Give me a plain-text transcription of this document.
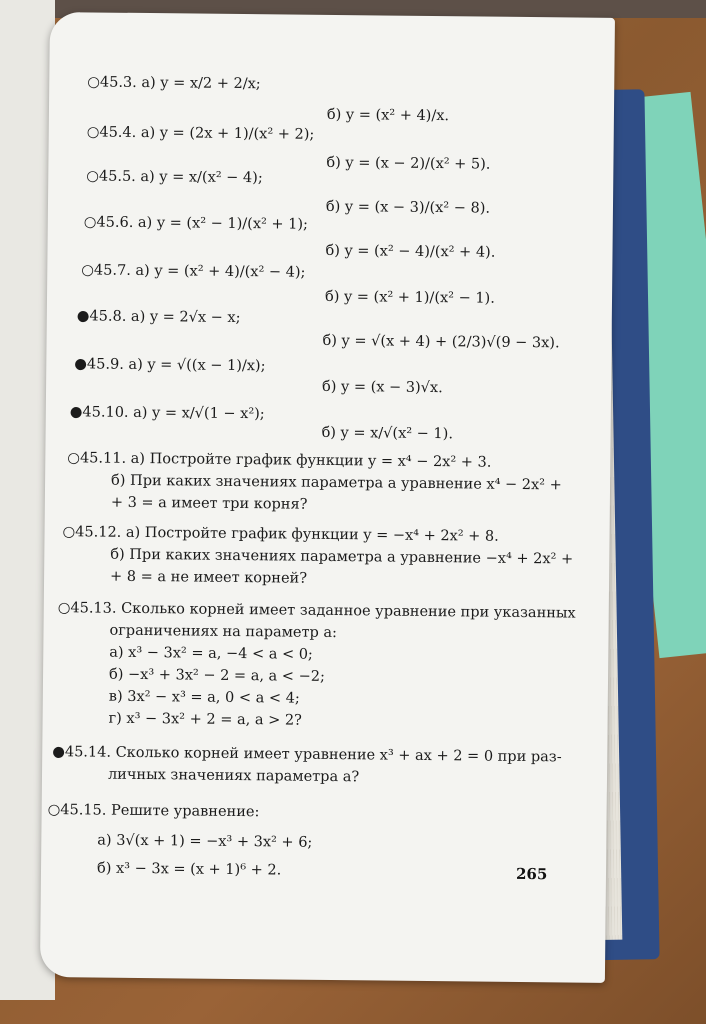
○45.3. а) y = x/2 + 2/x;
б) y = (x² + 4)/x.
○45.4. а) y = (2x + 1)/(x² + 2);
б) y = (x − 2)/(x² + 5).
○45.5. а) y = x/(x² − 4);
б) y = (x − 3)/(x² − 8).
○45.6. а) y = (x² − 1)/(x² + 1);
б) y = (x² − 4)/(x² + 4).
○45.7. а) y = (x² + 4)/(x² − 4);
б) y = (x² + 1)/(x² − 1).
●45.8. а) y = 2√x − x;
б) y = √(x + 4) + (2/3)√(9 − 3x).
●45.9. а) y = √((x − 1)/x);
б) y = (x − 3)√x.
●45.10. а) y = x/√(1 − x²);
б) y = x/√(x² − 1).
○45.11. а) Постройте график функции y = x⁴ − 2x² + 3.
б) При каких значениях параметра a уравнение x⁴ − 2x² +
+ 3 = a имеет три корня?
○45.12. а) Постройте график функции y = −x⁴ + 2x² + 8.
б) При каких значениях параметра a уравнение −x⁴ + 2x² +
+ 8 = a не имеет корней?
○45.13. Сколько корней имеет заданное уравнение при указанных
ограничениях на параметр a:
а) x³ − 3x² = a, −4 < a < 0;
б) −x³ + 3x² − 2 = a, a < −2;
в) 3x² − x³ = a, 0 < a < 4;
г) x³ − 3x² + 2 = a, a > 2?
●45.14. Сколько корней имеет уравнение x³ + ax + 2 = 0 при раз-
личных значениях параметра a?
○45.15. Решите уравнение:
а) 3√(x + 1) = −x³ + 3x² + 6;
б) x³ − 3x = (x + 1)⁶ + 2.	265
